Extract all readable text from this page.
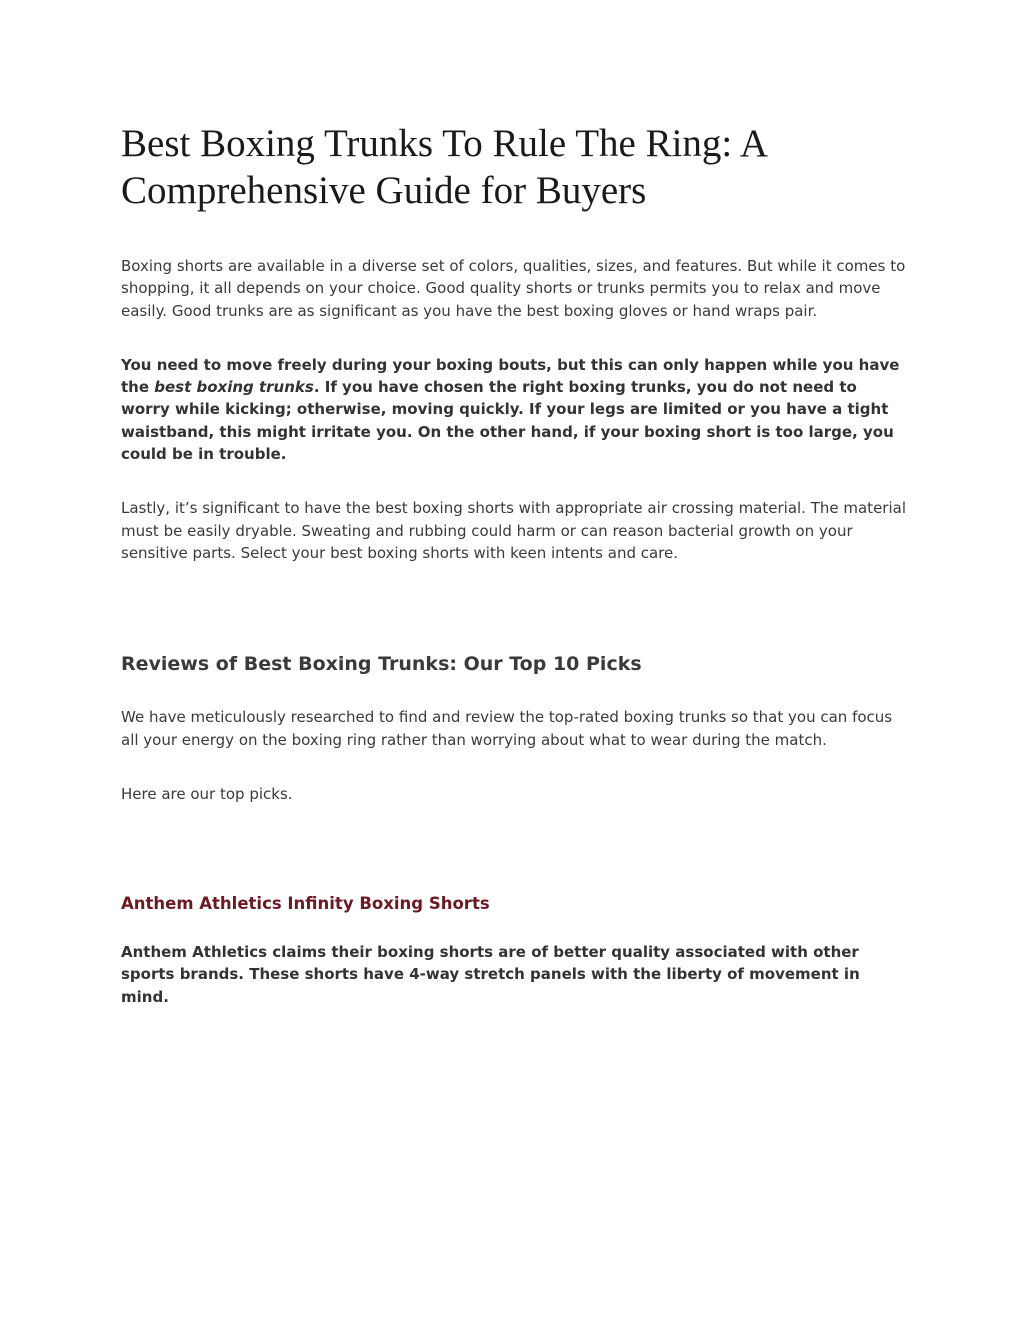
Best Boxing Trunks To Rule The Ring: A Comprehensive Guide for Buyers

Boxing shorts are available in a diverse set of colors, qualities, sizes, and features. But while it comes to shopping, it all depends on your choice. Good quality shorts or trunks permits you to relax and move easily. Good trunks are as significant as you have the best boxing gloves or hand wraps pair.

You need to move freely during your boxing bouts, but this can only happen while you have the best boxing trunks. If you have chosen the right boxing trunks, you do not need to worry while kicking; otherwise, moving quickly. If your legs are limited or you have a tight waistband, this might irritate you. On the other hand, if your boxing short is too large, you could be in trouble.

Lastly, it’s significant to have the best boxing shorts with appropriate air crossing material. The material must be easily dryable. Sweating and rubbing could harm or can reason bacterial growth on your sensitive parts. Select your best boxing shorts with keen intents and care.

Reviews of Best Boxing Trunks: Our Top 10 Picks

We have meticulously researched to find and review the top-rated boxing trunks so that you can focus all your energy on the boxing ring rather than worrying about what to wear during the match.

Here are our top picks.

Anthem Athletics Infinity Boxing Shorts

Anthem Athletics claims their boxing shorts are of better quality associated with other sports brands. These shorts have 4-way stretch panels with the liberty of movement in mind.
